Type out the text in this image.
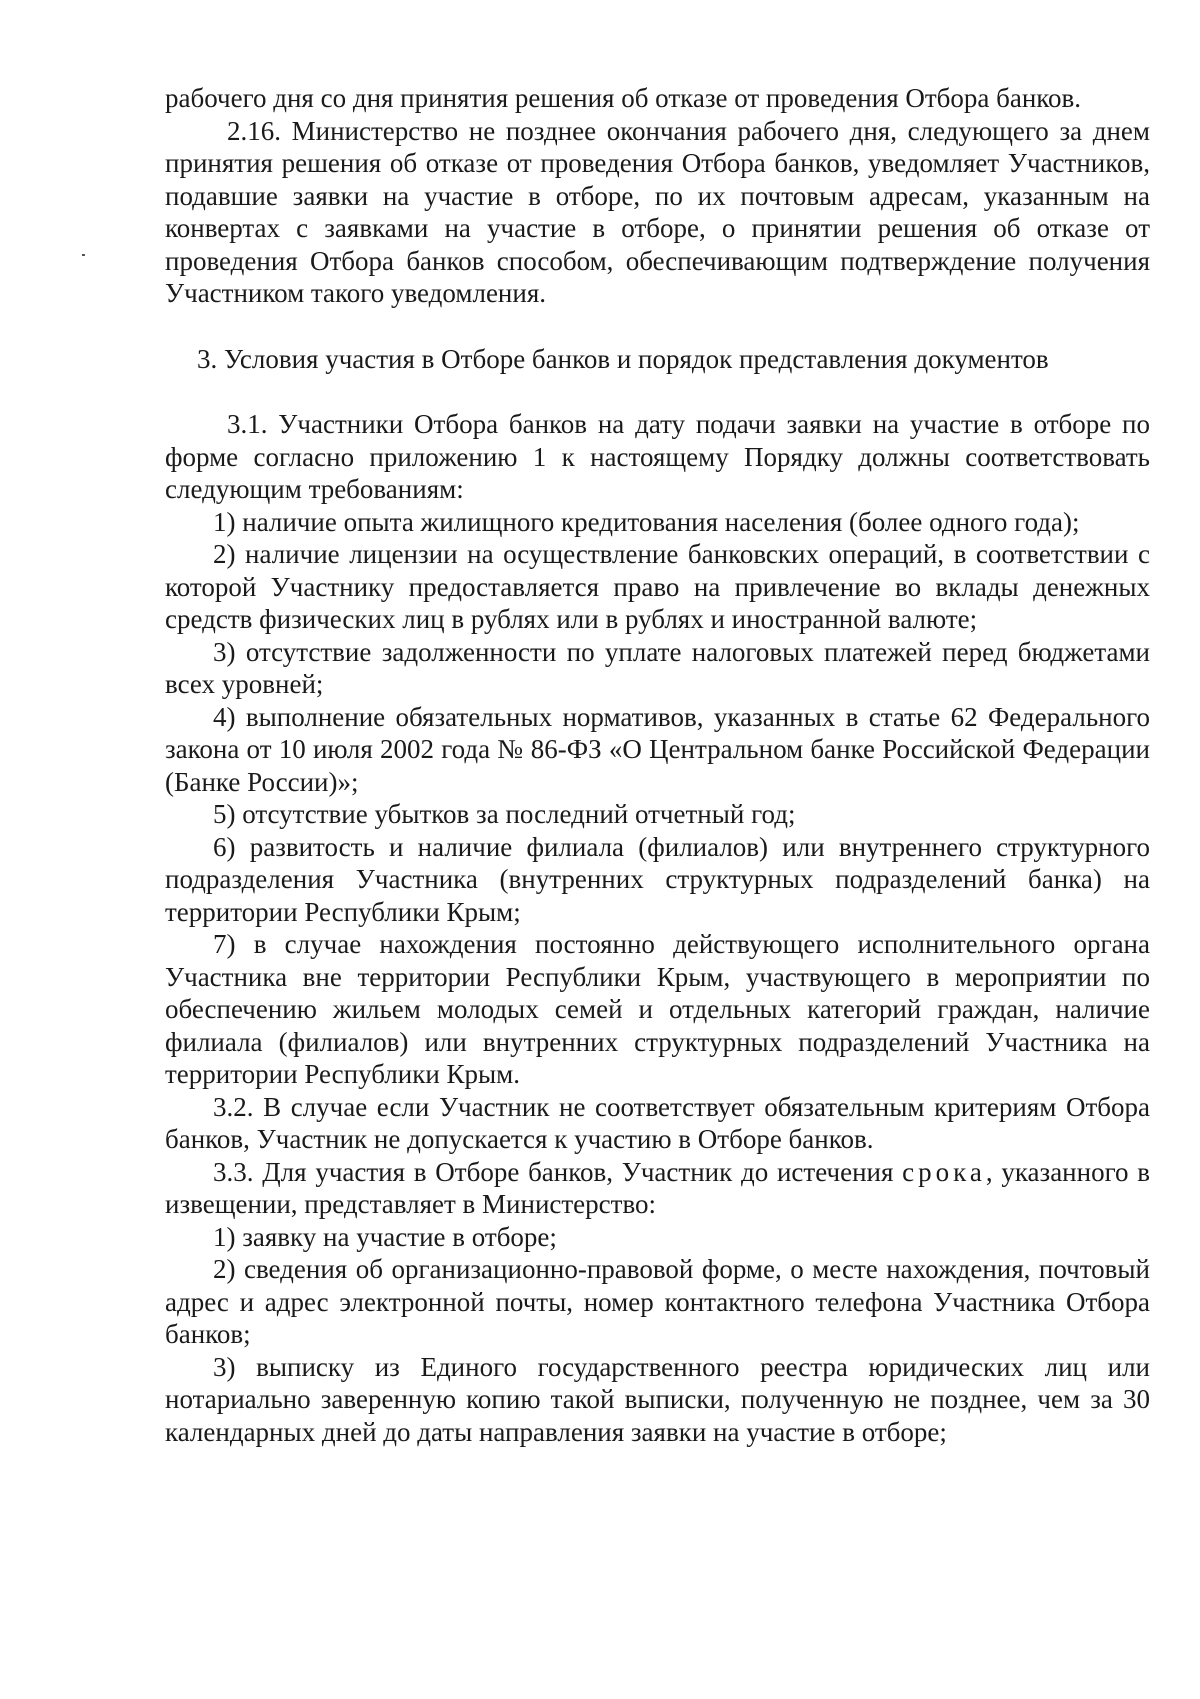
рабочего дня со дня принятия решения об отказе от проведения Отбора банков.

2.16. Министерство не позднее окончания рабочего дня, следующего за днем принятия решения об отказе от проведения Отбора банков, уведомляет Участников, подавшие заявки на участие в отборе, по их почтовым адресам, указанным на конвертах с заявками на участие в отборе, о принятии решения об отказе от проведения Отбора банков способом, обеспечивающим подтверждение получения Участником такого уведомления.

3. Условия участия в Отборе банков и порядок представления документов

3.1. Участники Отбора банков на дату подачи заявки на участие в отборе по форме согласно приложению 1 к настоящему Порядку должны соответствовать следующим требованиям:

1) наличие опыта жилищного кредитования населения (более одного года);

2) наличие лицензии на осуществление банковских операций, в соответствии с которой Участнику предоставляется право на привлечение во вклады денежных средств физических лиц в рублях или в рублях и иностранной валюте;

3) отсутствие задолженности по уплате налоговых платежей перед бюджетами всех уровней;

4) выполнение обязательных нормативов, указанных в статье 62 Федерального закона от 10 июля 2002 года № 86-ФЗ «О Центральном банке Российской Федерации (Банке России)»;

5) отсутствие убытков за последний отчетный год;

6) развитость и наличие филиала (филиалов) или внутреннего структурного подразделения Участника (внутренних структурных подразделений банка) на территории Республики Крым;

7) в случае нахождения постоянно действующего исполнительного органа Участника вне территории Республики Крым, участвующего в мероприятии по обеспечению жильем молодых семей и отдельных категорий граждан, наличие филиала (филиалов) или внутренних структурных подразделений Участника на территории Республики Крым.

3.2. В случае если Участник не соответствует обязательным критериям Отбора банков, Участник не допускается к участию в Отборе банков.

3.3. Для участия в Отборе банков, Участник до истечения срока, указанного в извещении, представляет в Министерство:

1) заявку на участие в отборе;

2) сведения об организационно-правовой форме, о месте нахождения, почтовый адрес и адрес электронной почты, номер контактного телефона Участника Отбора банков;

3) выписку из Единого государственного реестра юридических лиц или нотариально заверенную копию такой выписки, полученную не позднее, чем за 30 календарных дней до даты направления заявки на участие в отборе;
